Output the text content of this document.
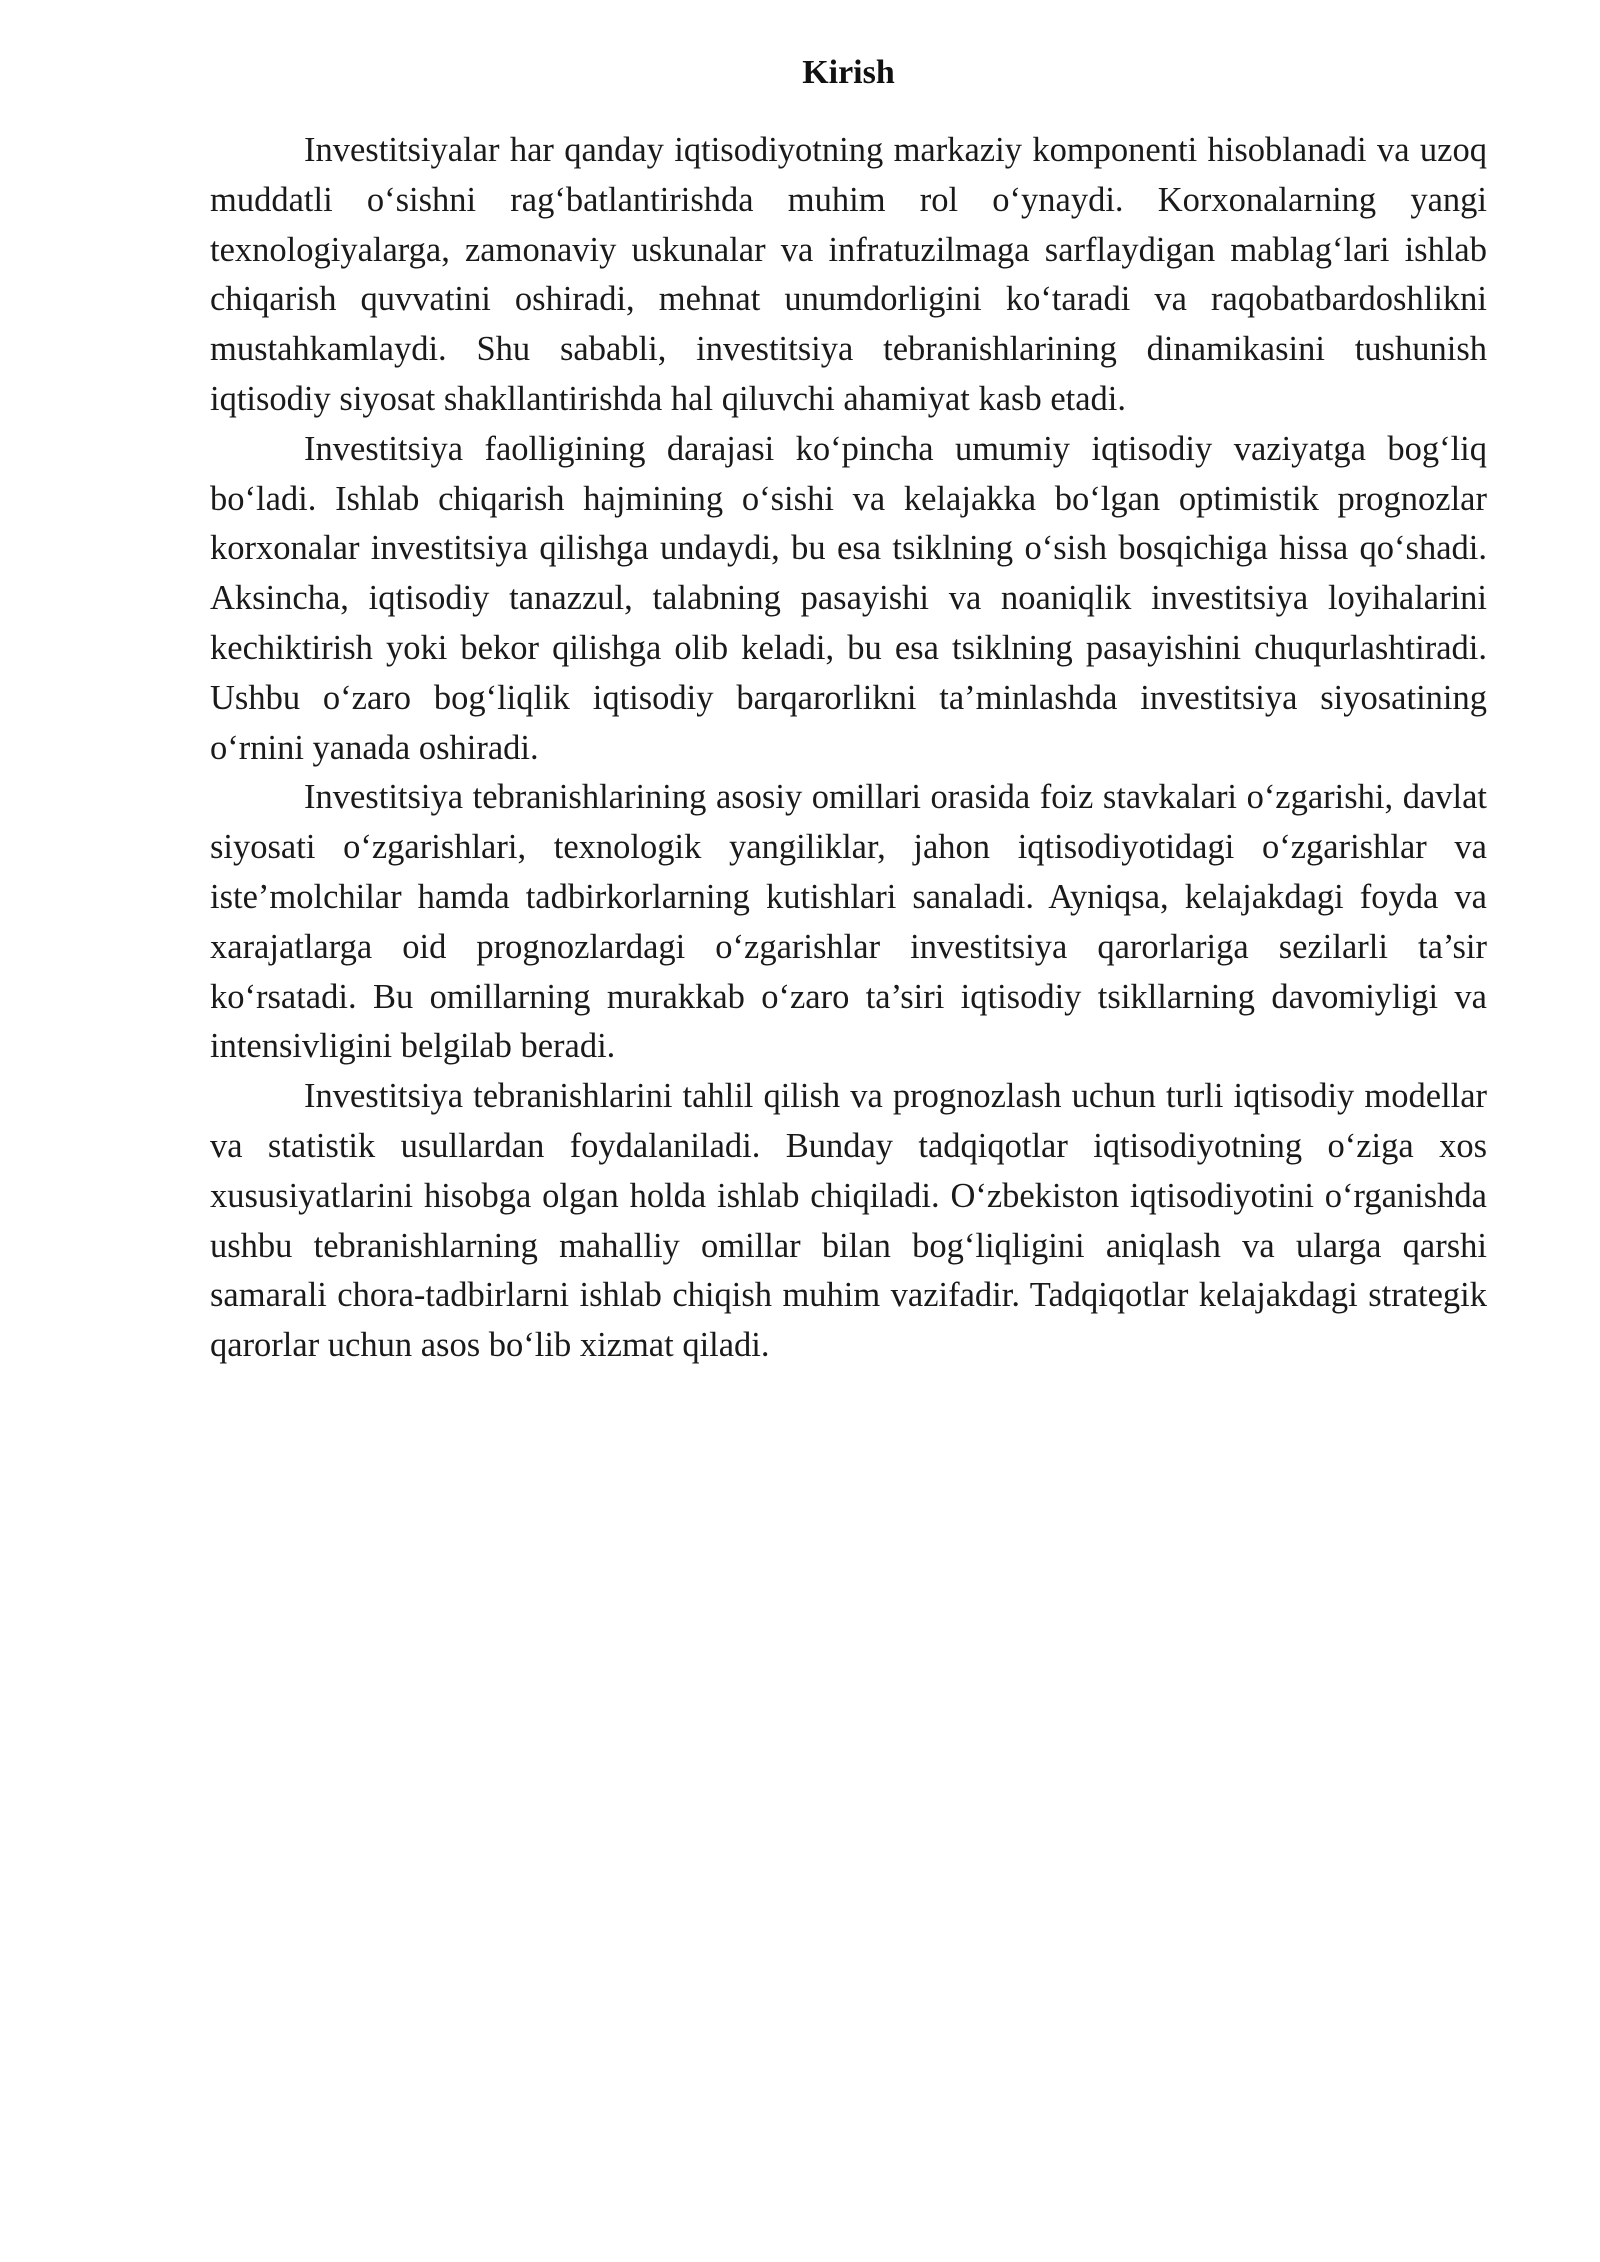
Kirish

Investitsiyalar har qanday iqtisodiyotning markaziy komponenti hisoblanadi va uzoq muddatli o‘sishni rag‘batlantirishda muhim rol o‘ynaydi. Korxonalarning yangi texnologiyalarga, zamonaviy uskunalar va infratuzilmaga sarflaydigan mablag‘lari ishlab chiqarish quvvatini oshiradi, mehnat unumdorligini ko‘taradi va raqobatbardoshlikni mustahkamlaydi. Shu sababli, investitsiya tebranishlarining dinamikasini tushunish iqtisodiy siyosat shakllantirishda hal qiluvchi ahamiyat kasb etadi.

Investitsiya faolligining darajasi ko‘pincha umumiy iqtisodiy vaziyatga bog‘liq bo‘ladi. Ishlab chiqarish hajmining o‘sishi va kelajakka bo‘lgan optimistik prognozlar korxonalar investitsiya qilishga undaydi, bu esa tsiklning o‘sish bosqichiga hissa qo‘shadi. Aksincha, iqtisodiy tanazzul, talabning pasayishi va noaniqlik investitsiya loyihalarini kechiktirish yoki bekor qilishga olib keladi, bu esa tsiklning pasayishini chuqurlashtiradi. Ushbu o‘zaro bog‘liqlik iqtisodiy barqarorlikni ta’minlashda investitsiya siyosatining o‘rnini yanada oshiradi.

Investitsiya tebranishlarining asosiy omillari orasida foiz stavkalari o‘zgarishi, davlat siyosati o‘zgarishlari, texnologik yangiliklar, jahon iqtisodiyotidagi o‘zgarishlar va iste’molchilar hamda tadbirkorlarning kutishlari sanaladi. Ayniqsa, kelajakdagi foyda va xarajatlarga oid prognozlardagi o‘zgarishlar investitsiya qarorlariga sezilarli ta’sir ko‘rsatadi. Bu omillarning murakkab o‘zaro ta’siri iqtisodiy tsikllarning davomiyligi va intensivligini belgilab beradi.

Investitsiya tebranishlarini tahlil qilish va prognozlash uchun turli iqtisodiy modellar va statistik usullardan foydalaniladi. Bunday tadqiqotlar iqtisodiyotning o‘ziga xos xususiyatlarini hisobga olgan holda ishlab chiqiladi. O‘zbekiston iqtisodiyotini o‘rganishda ushbu tebranishlarning mahalliy omillar bilan bog‘liqligini aniqlash va ularga qarshi samarali chora-tadbirlarni ishlab chiqish muhim vazifadir. Tadqiqotlar kelajakdagi strategik qarorlar uchun asos bo‘lib xizmat qiladi.
